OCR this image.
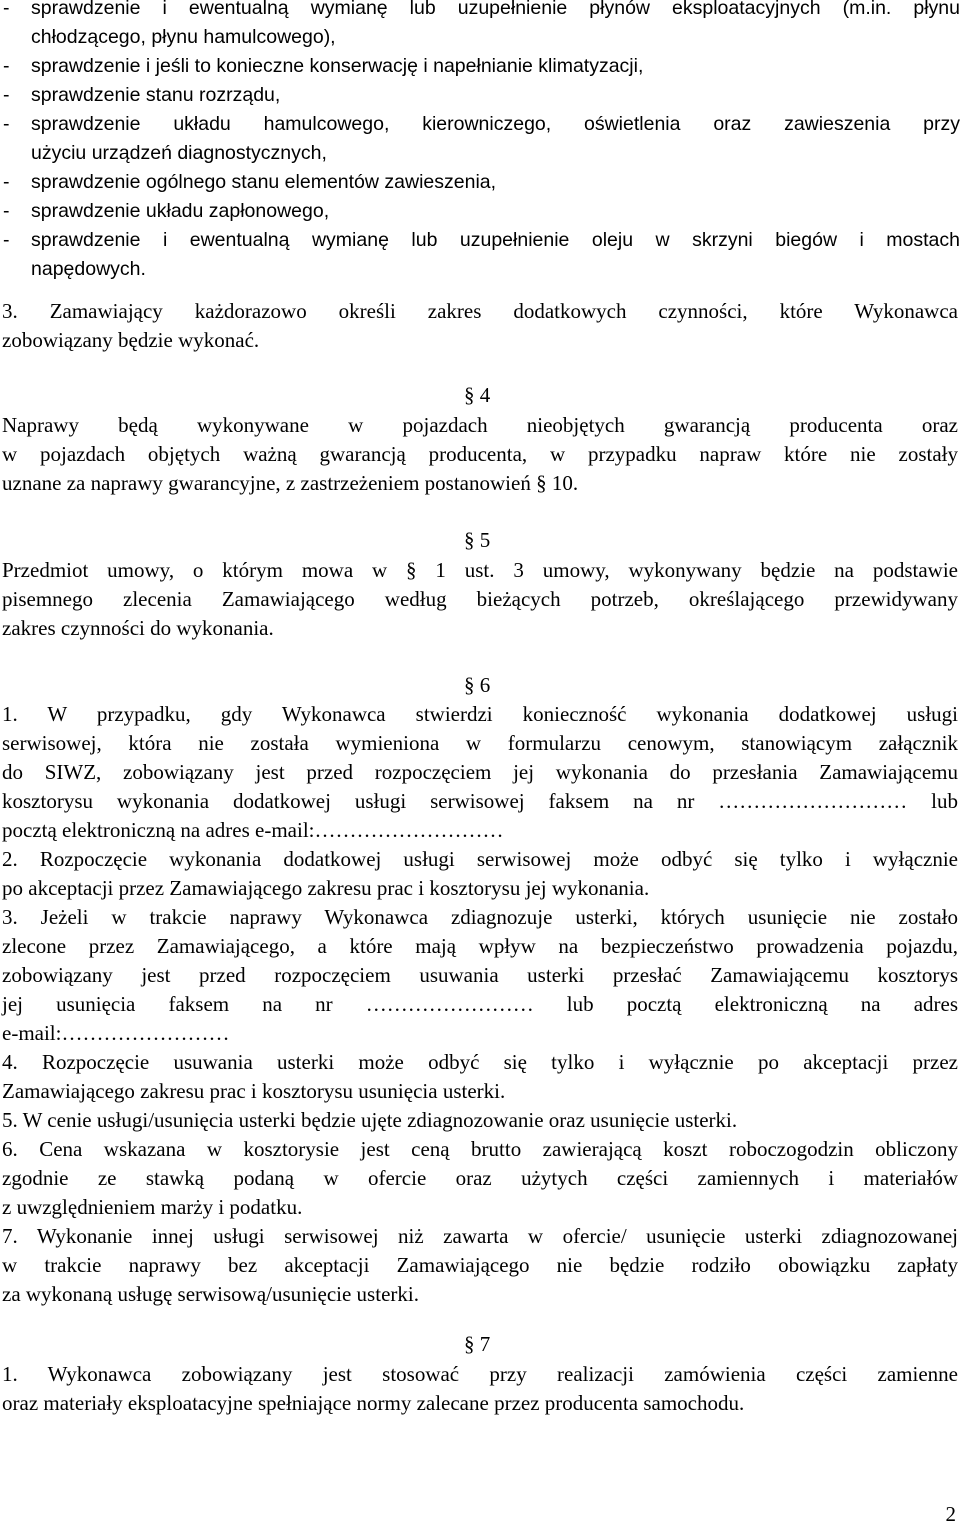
- sprawdzenie i ewentualną wymianę lub uzupełnienie płynów eksploatacyjnych (m.in. płynu
chłodzącego, płynu hamulcowego),
- sprawdzenie i jeśli to konieczne konserwację i napełnianie klimatyzacji,
- sprawdzenie stanu rozrządu,
- sprawdzenie układu hamulcowego, kierowniczego, oświetlenia oraz zawieszenia przy
użyciu urządzeń diagnostycznych,
- sprawdzenie ogólnego stanu elementów zawieszenia,
- sprawdzenie układu zapłonowego,
- sprawdzenie i ewentualną wymianę lub uzupełnienie oleju w skrzyni biegów i mostach
napędowych.

3. Zamawiający każdorazowo określi zakres dodatkowych czynności, które Wykonawca

zobowiązany będzie wykonać.

§ 4

Naprawy będą wykonywane w pojazdach nieobjętych gwarancją producenta oraz

w pojazdach objętych ważną gwarancją producenta, w przypadku napraw które nie zostały

uznane za naprawy gwarancyjne, z zastrzeżeniem postanowień § 10.

§ 5

Przedmiot umowy, o którym mowa w § 1 ust. 3 umowy, wykonywany będzie na podstawie

pisemnego zlecenia Zamawiającego według bieżących potrzeb, określającego przewidywany

zakres czynności do wykonania.

§ 6

1. W przypadku, gdy Wykonawca stwierdzi konieczność wykonania dodatkowej usługi

serwisowej, która nie została wymieniona w formularzu cenowym, stanowiącym załącznik

do SIWZ, zobowiązany jest przed rozpoczęciem jej wykonania do przesłania Zamawiającemu

kosztorysu wykonania dodatkowej usługi serwisowej faksem na nr ……………………… lub

pocztą elektroniczną na adres e-mail:………………………

2. Rozpoczęcie wykonania dodatkowej usługi serwisowej może odbyć się tylko i wyłącznie

po akceptacji przez Zamawiającego zakresu prac i kosztorysu jej wykonania.

3. Jeżeli w trakcie naprawy Wykonawca zdiagnozuje usterki, których usunięcie nie zostało

zlecone przez Zamawiającego, a które mają wpływ na bezpieczeństwo prowadzenia pojazdu,

zobowiązany jest przed rozpoczęciem usuwania usterki przesłać Zamawiającemu kosztorys

jej usunięcia faksem na nr …………………… lub pocztą elektroniczną na adres

e-mail:……………………

4. Rozpoczęcie usuwania usterki może odbyć się tylko i wyłącznie po akceptacji przez

Zamawiającego zakresu prac i kosztorysu usunięcia usterki.

5. W cenie usługi/usunięcia usterki będzie ujęte zdiagnozowanie oraz usunięcie usterki.

6. Cena wskazana w kosztorysie jest ceną brutto zawierającą koszt roboczogodzin obliczony

zgodnie ze stawką podaną w ofercie oraz użytych części zamiennych i materiałów

z uwzględnieniem marży i podatku.

7. Wykonanie innej usługi serwisowej niż zawarta w ofercie/ usunięcie usterki zdiagnozowanej

w trakcie naprawy bez akceptacji Zamawiającego nie będzie rodziło obowiązku zapłaty

za wykonaną usługę serwisową/usunięcie usterki.

§ 7

1. Wykonawca zobowiązany jest stosować przy realizacji zamówienia części zamienne

oraz materiały eksploatacyjne spełniające normy zalecane przez producenta samochodu.

2
